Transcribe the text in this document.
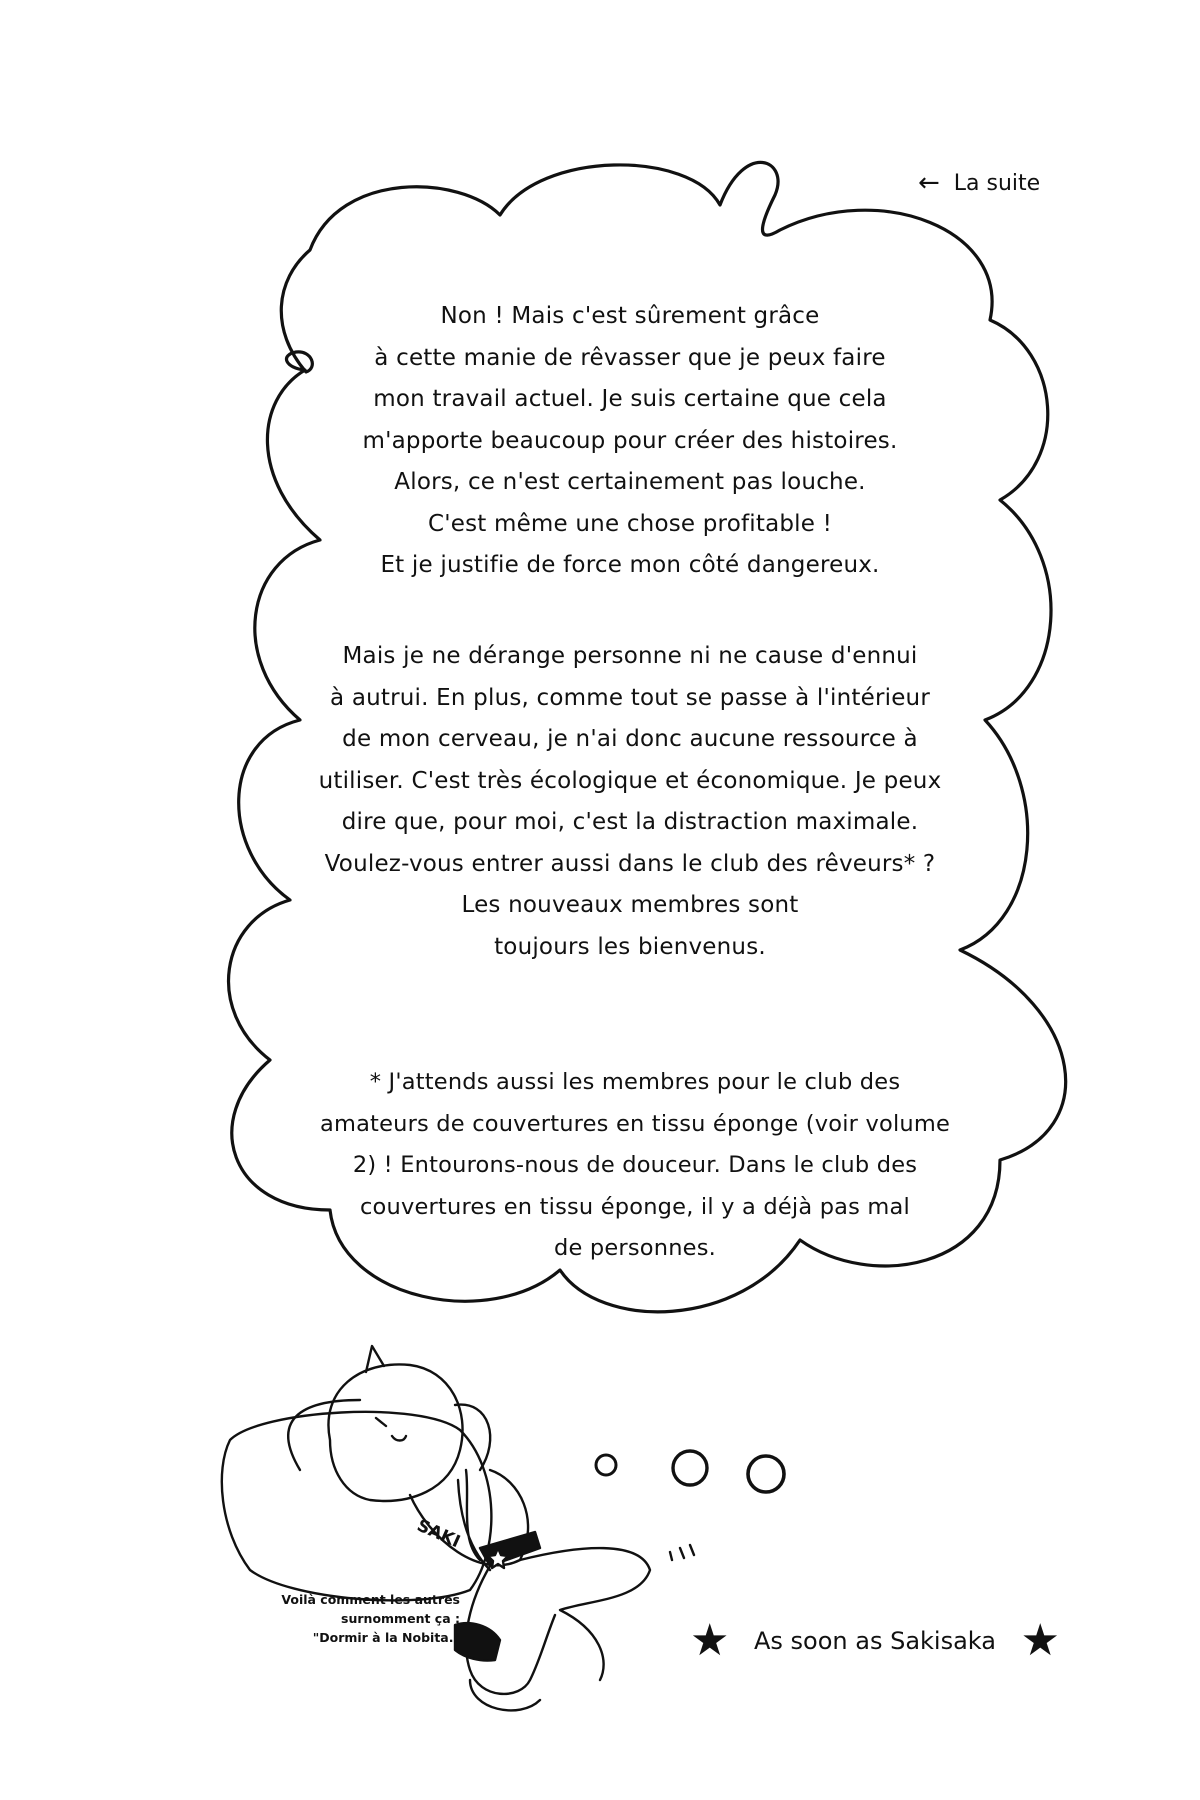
← La suite
Non ! Mais c'est sûrement grâce
à cette manie de rêvasser que je peux faire
mon travail actuel. Je suis certaine que cela
m'apporte beaucoup pour créer des histoires.
Alors, ce n'est certainement pas louche.
C'est même une chose profitable !
Et je justifie de force mon côté dangereux.
Mais je ne dérange personne ni ne cause d'ennui
à autrui. En plus, comme tout se passe à l'intérieur
de mon cerveau, je n'ai donc aucune ressource à
utiliser. C'est très écologique et économique. Je peux
dire que, pour moi, c'est la distraction maximale.
Voulez-vous entrer aussi dans le club des rêveurs* ?
Les nouveaux membres sont
toujours les bienvenus.
* J'attends aussi les membres pour le club des
amateurs de couvertures en tissu éponge (voir volume
2) ! Entourons-nous de douceur. Dans le club des
couvertures en tissu éponge, il y a déjà pas mal
de personnes.
SAKI
Voilà comment les autres
surnomment ça :
"Dormir à la Nobita."	★ As soon as Sakisaka ★
